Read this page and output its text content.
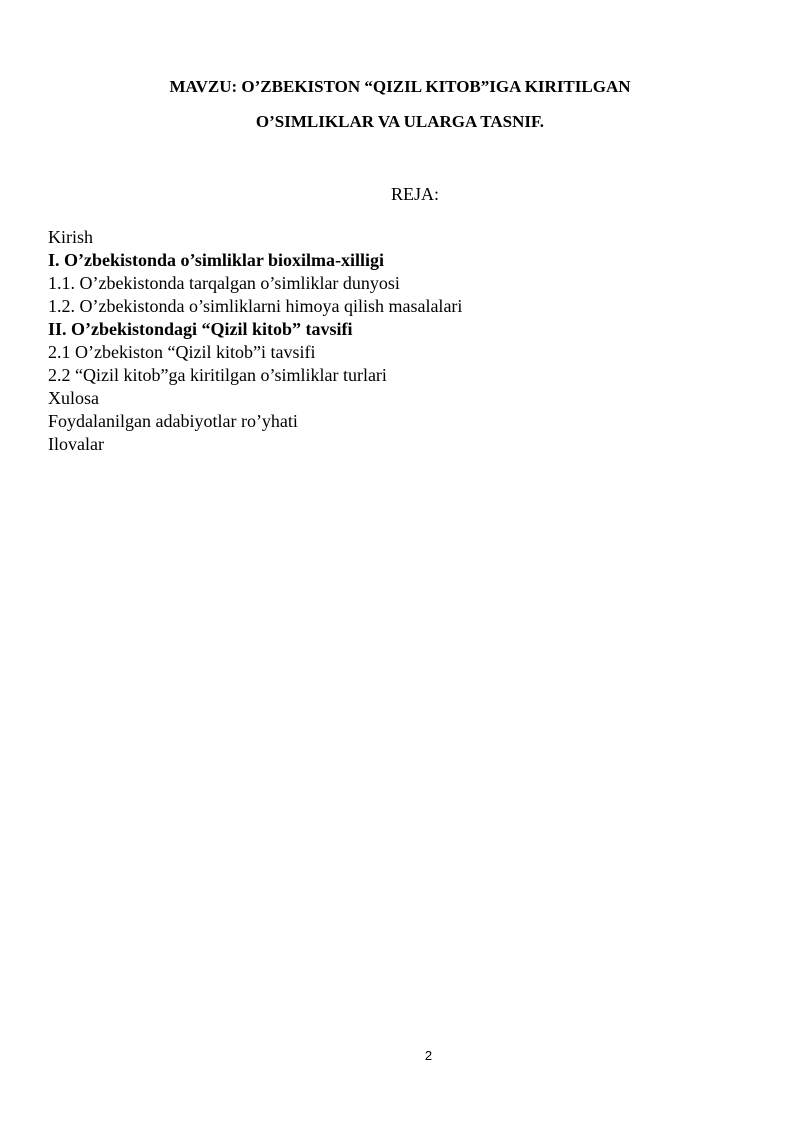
MAVZU: O’ZBEKISTON “QIZIL KITOB”IGA KIRITILGAN
O’SIMLIKLAR VA ULARGA TASNIF.
REJA:
Kirish
I. O’zbekistonda o’simliklar bioxilma-xilligi
1.1. O’zbekistonda tarqalgan o’simliklar dunyosi
1.2. O’zbekistonda o’simliklarni himoya qilish masalalari
II. O’zbekistondagi “Qizil kitob” tavsifi
2.1 O’zbekiston “Qizil kitob”i tavsifi
2.2 “Qizil kitob”ga kiritilgan o’simliklar turlari
Xulosa
Foydalanilgan adabiyotlar ro’yhati
Ilovalar
2
